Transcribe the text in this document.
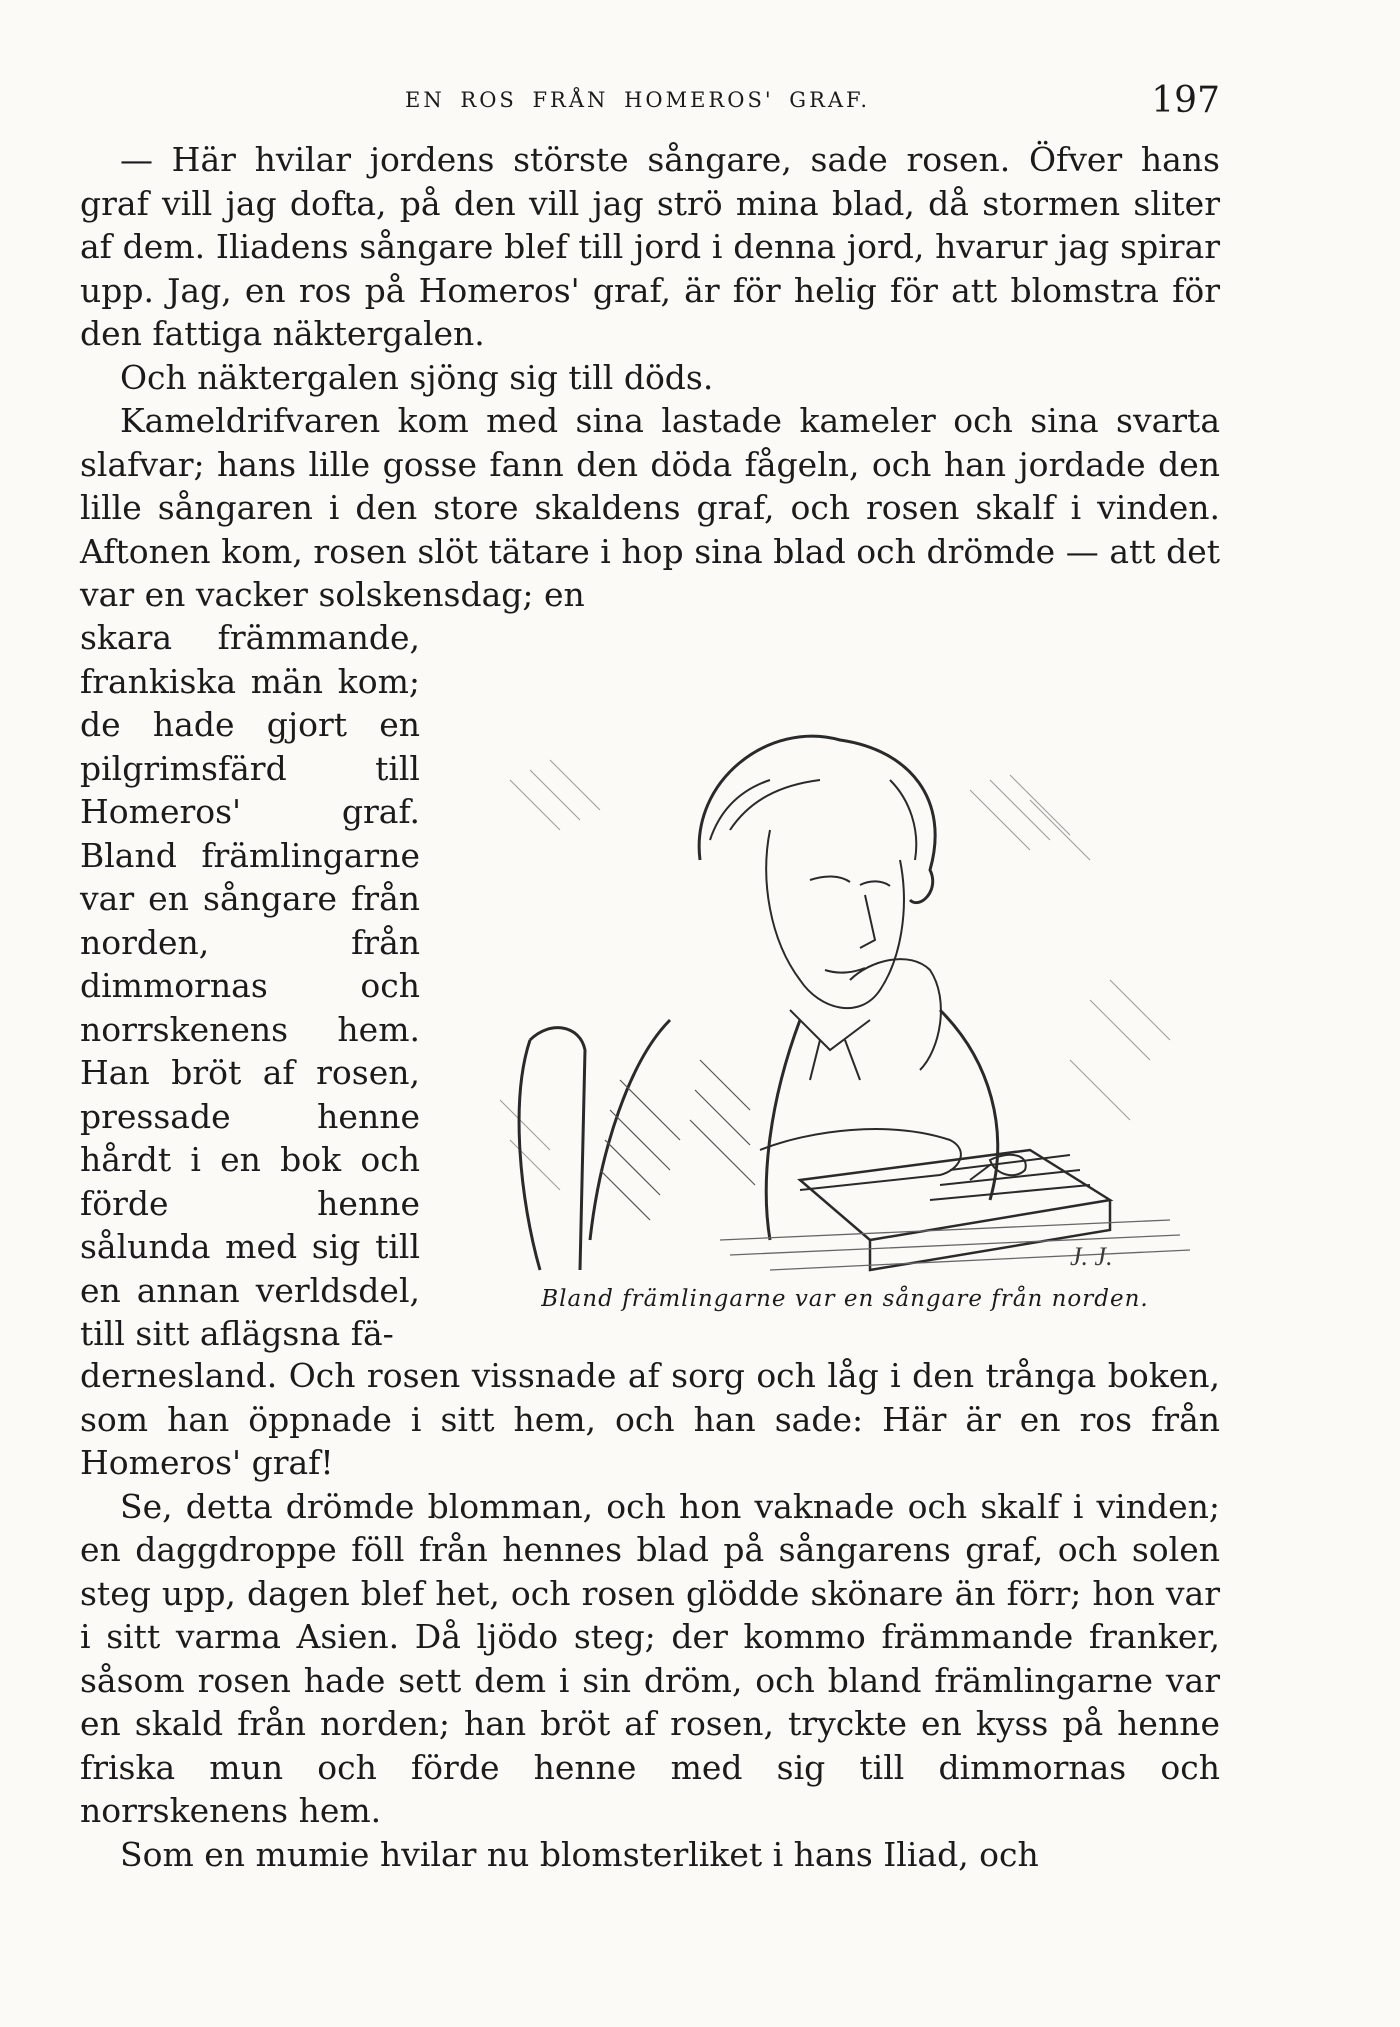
EN ROS FRÅN HOMEROS' GRAF.	197

— Här hvilar jordens störste sångare, sade rosen. Öfver hans graf vill jag dofta, på den vill jag strö mina blad, då stormen sliter af dem. Iliadens sångare blef till jord i denna jord, hvarur jag spirar upp. Jag, en ros på Homeros' graf, är för helig för att blomstra för den fattiga näktergalen.

Och näktergalen sjöng sig till döds.

Kameldrifvaren kom med sina lastade kameler och sina svarta slafvar; hans lille gosse fann den döda fågeln, och han jordade den lille sångaren i den store skaldens graf, och rosen skalf i vinden. Aftonen kom, rosen slöt tätare i hop sina blad och drömde — att det var en vacker solskensdag; en

skara främmande, frankiska män kom; de hade gjort en pilgrimsfärd till Homeros' graf. Bland främlingarne var en sångare från norden, från dimmornas och norrskenens hem. Han bröt af rosen, pressade henne hårdt i en bok och förde henne sålunda med sig till en annan verldsdel, till sitt aflägsna fä-

J. J.
Bland främlingarne var en sångare från norden.

dernesland. Och rosen vissnade af sorg och låg i den trånga boken, som han öppnade i sitt hem, och han sade: Här är en ros från Homeros' graf!

Se, detta drömde blomman, och hon vaknade och skalf i vinden; en daggdroppe föll från hennes blad på sångarens graf, och solen steg upp, dagen blef het, och rosen glödde skönare än förr; hon var i sitt varma Asien. Då ljödo steg; der kommo främmande franker, såsom rosen hade sett dem i sin dröm, och bland främlingarne var en skald från norden; han bröt af rosen, tryckte en kyss på henne friska mun och förde henne med sig till dimmornas och norrskenens hem.

Som en mumie hvilar nu blomsterliket i hans Iliad, och
